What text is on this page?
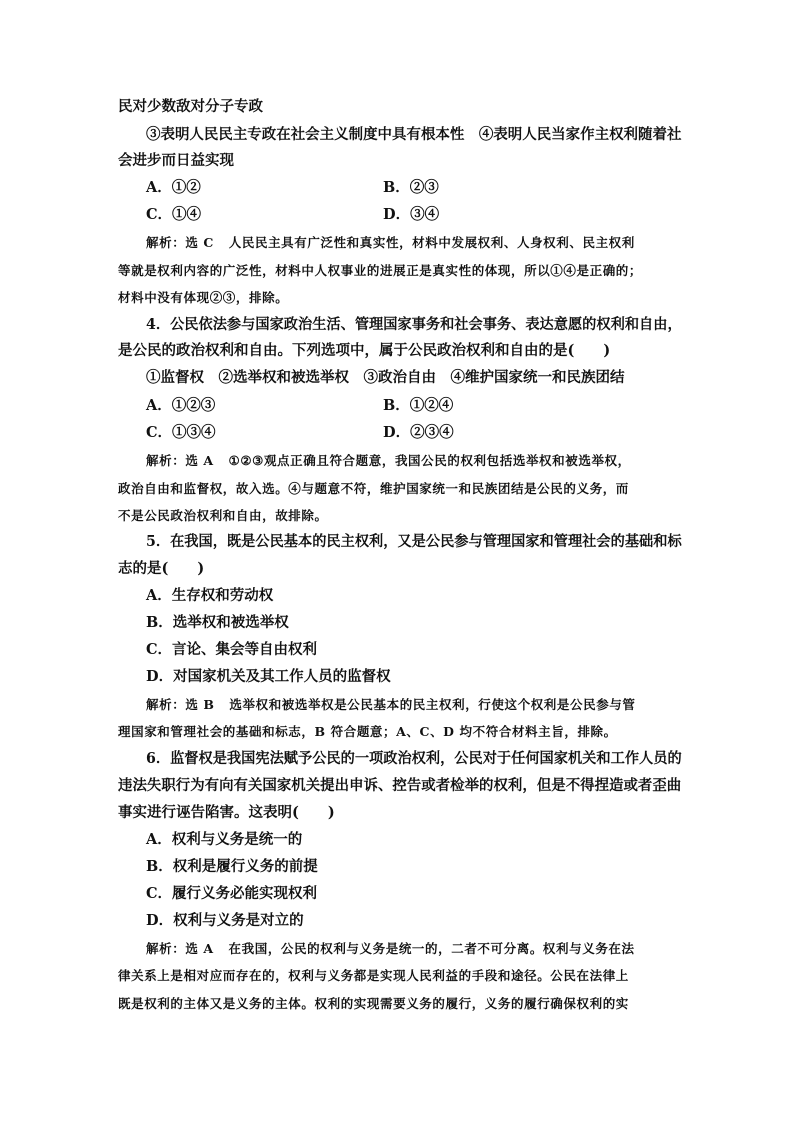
民对少数敌对分子专政
③表明人民民主专政在社会主义制度中具有根本性　④表明人民当家作主权利随着社
会进步而日益实现
A．①②	B．②③
C．①④	D．③④
解析：选 C 人民民主具有广泛性和真实性，材料中发展权利、人身权利、民主权利
等就是权利内容的广泛性，材料中人权事业的进展正是真实性的体现，所以①④是正确的；
材料中没有体现②③，排除。
4．公民依法参与国家政治生活、管理国家事务和社会事务、表达意愿的权利和自由，
是公民的政治权利和自由。下列选项中，属于公民政治权利和自由的是(　　)
①监督权　②选举权和被选举权　③政治自由　④维护国家统一和民族团结
A．①②③	B．①②④
C．①③④	D．②③④
解析：选 A ①②③观点正确且符合题意，我国公民的权利包括选举权和被选举权，
政治自由和监督权，故入选。④与题意不符，维护国家统一和民族团结是公民的义务，而
不是公民政治权利和自由，故排除。
5．在我国，既是公民基本的民主权利，又是公民参与管理国家和管理社会的基础和标
志的是(　　)
A．生存权和劳动权
B．选举权和被选举权
C．言论、集会等自由权利
D．对国家机关及其工作人员的监督权
解析：选 B 选举权和被选举权是公民基本的民主权利，行使这个权利是公民参与管
理国家和管理社会的基础和标志，B 符合题意；A、C、D 均不符合材料主旨，排除。
6．监督权是我国宪法赋予公民的一项政治权利，公民对于任何国家机关和工作人员的
违法失职行为有向有关国家机关提出申诉、控告或者检举的权利，但是不得捏造或者歪曲
事实进行诬告陷害。这表明(　　)
A．权利与义务是统一的
B．权利是履行义务的前提
C．履行义务必能实现权利
D．权利与义务是对立的
解析：选 A 在我国，公民的权利与义务是统一的，二者不可分离。权利与义务在法
律关系上是相对应而存在的，权利与义务都是实现人民利益的手段和途径。公民在法律上
既是权利的主体又是义务的主体。权利的实现需要义务的履行，义务的履行确保权利的实
